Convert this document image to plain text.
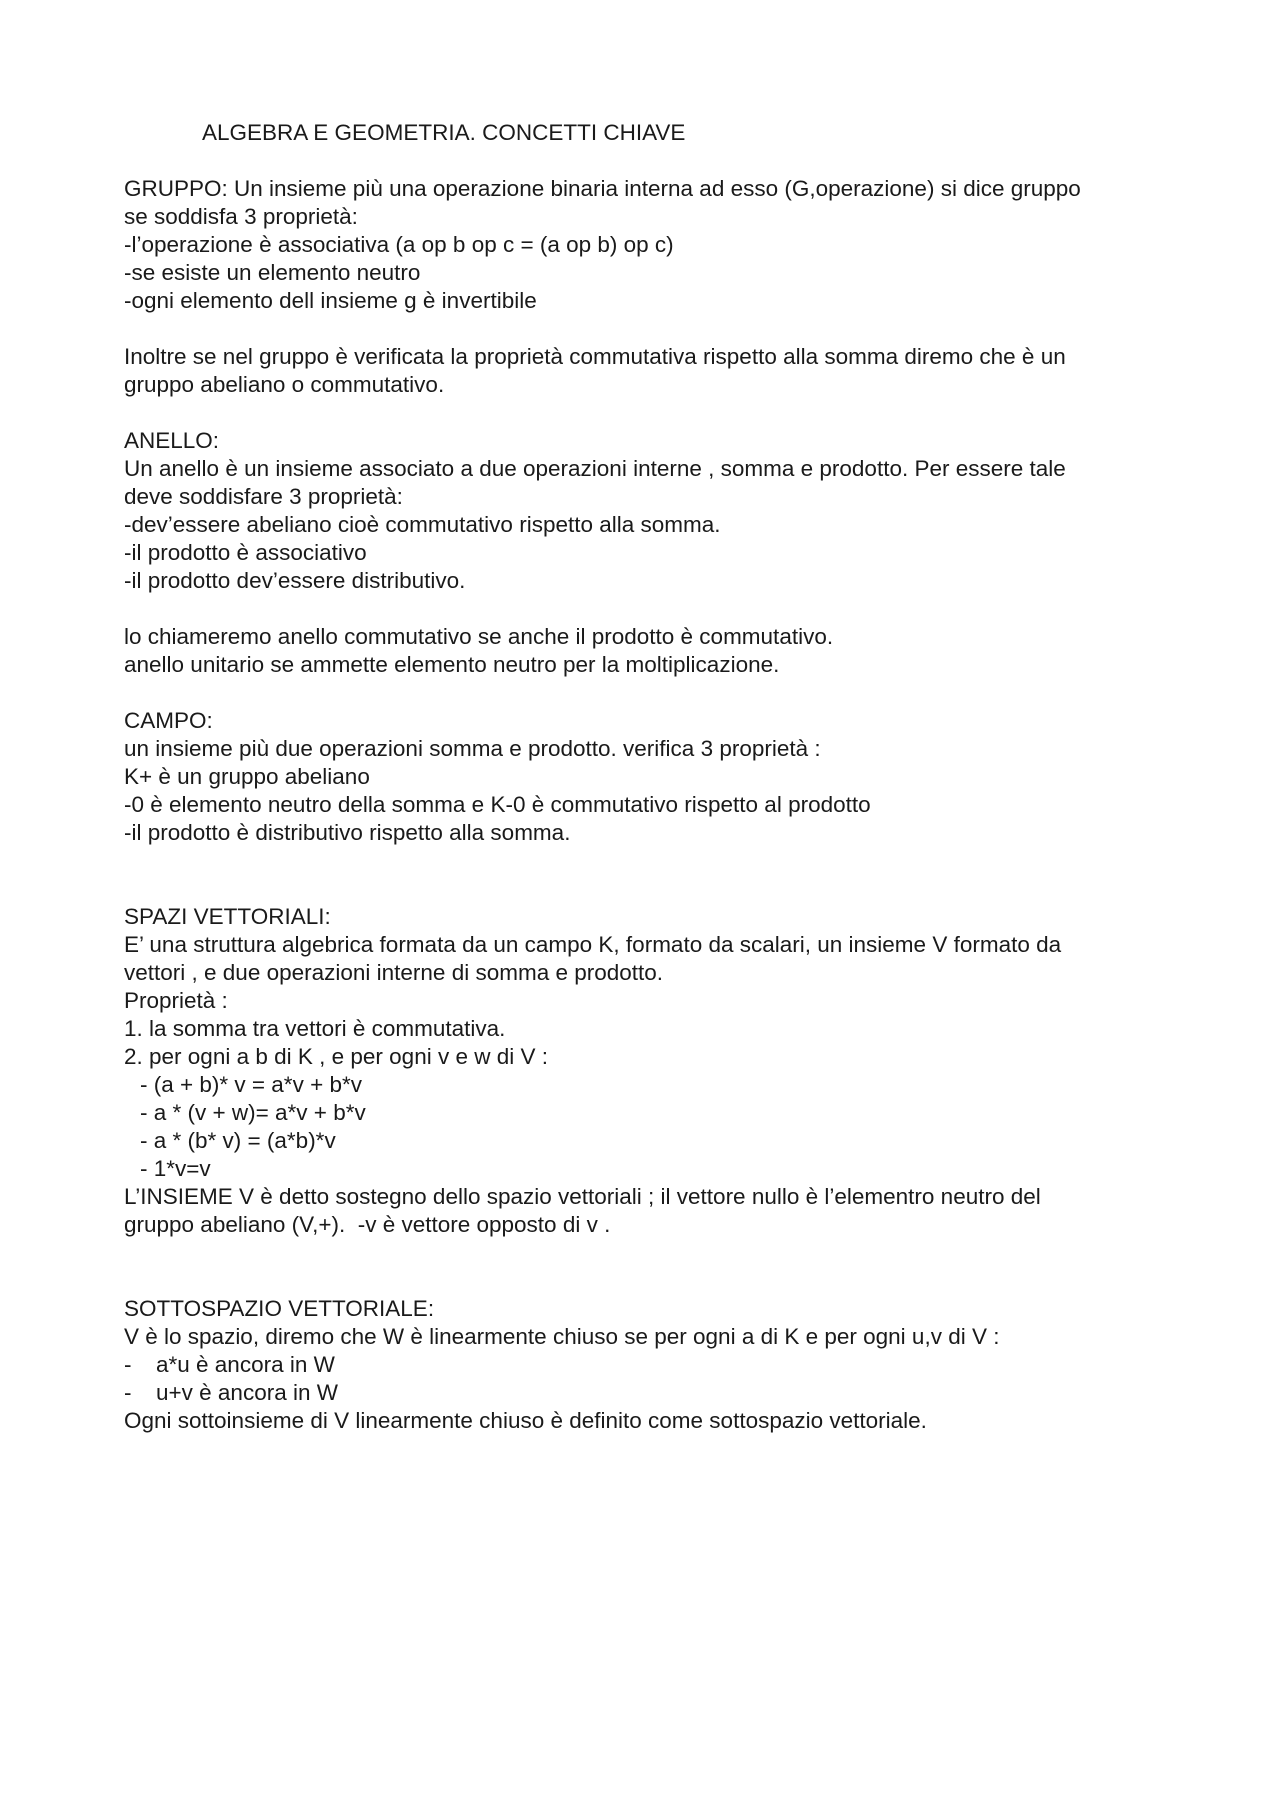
ALGEBRA E GEOMETRIA. CONCETTI CHIAVE
GRUPPO: Un insieme più una operazione binaria interna ad esso (G,operazione) si dice gruppo
se soddisfa 3 proprietà:
-l’operazione è associativa (a op b op c = (a op b) op c)
-se esiste un elemento neutro
-ogni elemento dell insieme g è invertibile
Inoltre se nel gruppo è verificata la proprietà commutativa rispetto alla somma diremo che è un
gruppo abeliano o commutativo.
ANELLO:
Un anello è un insieme associato a due operazioni interne , somma e prodotto. Per essere tale
deve soddisfare 3 proprietà:
-dev’essere abeliano cioè commutativo rispetto alla somma.
-il prodotto è associativo
-il prodotto dev’essere distributivo.
lo chiameremo anello commutativo se anche il prodotto è commutativo.
anello unitario se ammette elemento neutro per la moltiplicazione.
CAMPO:
un insieme più due operazioni somma e prodotto. verifica 3 proprietà :
K+ è un gruppo abeliano
-0 è elemento neutro della somma e K-0 è commutativo rispetto al prodotto
-il prodotto è distributivo rispetto alla somma.
SPAZI VETTORIALI:
E’ una struttura algebrica formata da un campo K, formato da scalari, un insieme V formato da
vettori , e due operazioni interne di somma e prodotto.
Proprietà :
1. la somma tra vettori è commutativa.
2. per ogni a b di K , e per ogni v e w di V :
- (a + b)* v = a*v + b*v
- a * (v + w)= a*v + b*v
- a * (b* v) = (a*b)*v
- 1*v=v
L’INSIEME V è detto sostegno dello spazio vettoriali ; il vettore nullo è l’elementro neutro del
gruppo abeliano (V,+).  -v è vettore opposto di v .
SOTTOSPAZIO VETTORIALE:
V è lo spazio, diremo che W è linearmente chiuso se per ogni a di K e per ogni u,v di V :
-	a*u è ancora in W
-	u+v è ancora in W
Ogni sottoinsieme di V linearmente chiuso è definito come sottospazio vettoriale.
